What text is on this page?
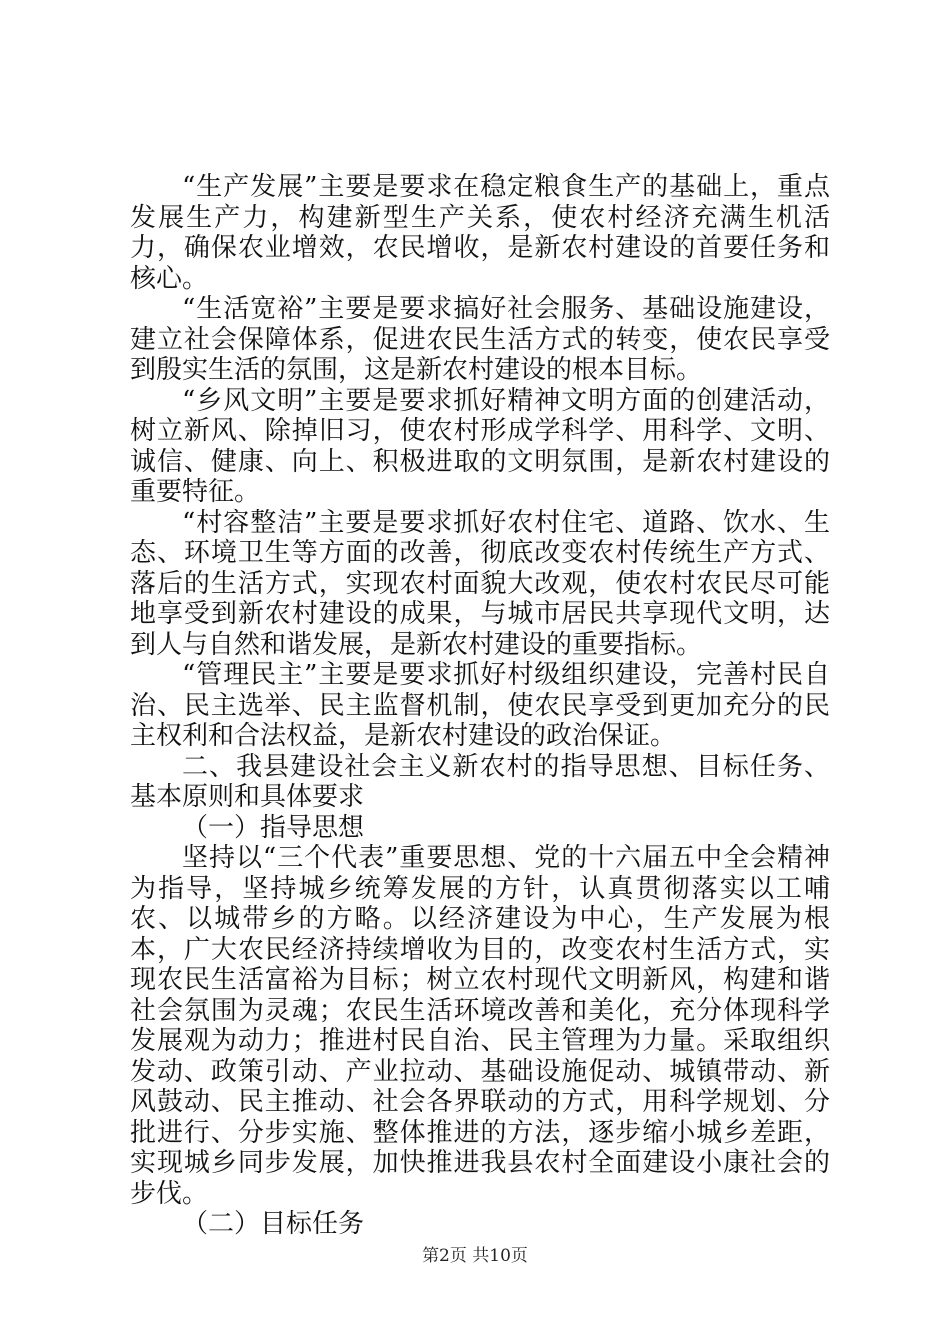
“生产发展”主要是要求在稳定粮食生产的基础上，重点发展生产力，构建新型生产关系，使农村经济充满生机活力，确保农业增效，农民增收，是新农村建设的首要任务和核心。

“生活宽裕”主要是要求搞好社会服务、基础设施建设，建立社会保障体系，促进农民生活方式的转变，使农民享受到殷实生活的氛围，这是新农村建设的根本目标。

“乡风文明”主要是要求抓好精神文明方面的创建活动，树立新风、除掉旧习，使农村形成学科学、用科学、文明、诚信、健康、向上、积极进取的文明氛围，是新农村建设的重要特征。

“村容整洁”主要是要求抓好农村住宅、道路、饮水、生态、环境卫生等方面的改善，彻底改变农村传统生产方式、落后的生活方式，实现农村面貌大改观，使农村农民尽可能地享受到新农村建设的成果，与城市居民共享现代文明，达到人与自然和谐发展，是新农村建设的重要指标。

“管理民主”主要是要求抓好村级组织建设，完善村民自治、民主选举、民主监督机制，使农民享受到更加充分的民主权利和合法权益，是新农村建设的政治保证。

二、我县建设社会主义新农村的指导思想、目标任务、基本原则和具体要求

（一）指导思想

坚持以“三个代表”重要思想、党的十六届五中全会精神为指导，坚持城乡统筹发展的方针，认真贯彻落实以工哺农、以城带乡的方略。以经济建设为中心，生产发展为根本，广大农民经济持续增收为目的，改变农村生活方式，实现农民生活富裕为目标；树立农村现代文明新风，构建和谐社会氛围为灵魂；农民生活环境改善和美化，充分体现科学发展观为动力；推进村民自治、民主管理为力量。采取组织发动、政策引动、产业拉动、基础设施促动、城镇带动、新风鼓动、民主推动、社会各界联动的方式，用科学规划、分批进行、分步实施、整体推进的方法，逐步缩小城乡差距，实现城乡同步发展，加快推进我县农村全面建设小康社会的步伐。

（二）目标任务

第2页 共10页
